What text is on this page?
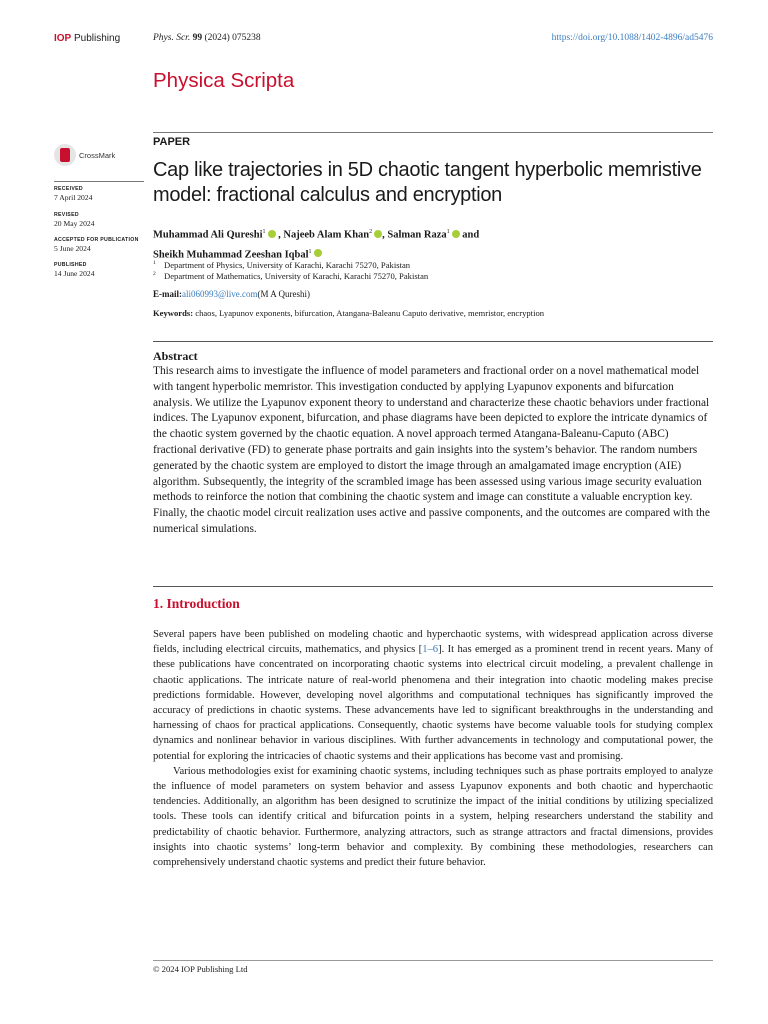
IOP Publishing	Phys. Scr. 99 (2024) 075238	https://doi.org/10.1088/1402-4896/ad5476
Physica Scripta
PAPER
CrossMark
RECEIVED
7 April 2024
REVISED
20 May 2024
ACCEPTED FOR PUBLICATION
5 June 2024
PUBLISHED
14 June 2024
Cap like trajectories in 5D chaotic tangent hyperbolic memristive model: fractional calculus and encryption
Muhammad Ali Qureshi$^1$ , Najeeb Alam Khan$^2$ , Salman Raza$^1$ and
Sheikh Muhammad Zeeshan Iqbal$^1$
$^1$ Department of Physics, University of Karachi, Karachi 75270, Pakistan
$^2$ Department of Mathematics, University of Karachi, Karachi 75270, Pakistan
E-mail:ali060993@live.com(M A Qureshi)
Keywords: chaos, Lyapunov exponents, bifurcation, Atangana-Baleanu Caputo derivative, memristor, encryption
Abstract
This research aims to investigate the influence of model parameters and fractional order on a novel mathematical model with tangent hyperbolic memristor. This investigation conducted by applying Lyapunov exponents and bifurcation analysis. We utilize the Lyapunov exponent theory to understand and characterize these chaotic behaviors under fractional indices. The Lyapunov exponent, bifurcation, and phase diagrams have been depicted to explore the intricate dynamics of the chaotic system governed by the chaotic equation. A novel approach termed Atangana-Baleanu-Caputo (ABC) fractional derivative (FD) to generate phase portraits and gain insights into the system’s behavior. The random numbers generated by the chaotic system are employed to distort the image through an amalgamated image encryption (AIE) algorithm. Subsequently, the integrity of the scrambled image has been assessed using various image security evaluation methods to reinforce the notion that combining the chaotic system and image can constitute a valuable encryption key. Finally, the chaotic model circuit realization uses active and passive components, and the outcomes are compared with the numerical simulations.
1. Introduction

Several papers have been published on modeling chaotic and hyperchaotic systems, with widespread application across diverse fields, including electrical circuits, mathematics, and physics [1–6]. It has emerged as a prominent trend in recent years. Many of these publications have concentrated on incorporating chaotic systems into electrical circuit modeling, a prevalent challenge in chaotic applications. The intricate nature of real-world phenomena and their integration into chaotic modeling makes precise predictions formidable. However, developing novel algorithms and computational techniques has significantly improved the accuracy of predictions in chaotic systems. These advancements have led to significant breakthroughs in the understanding and harnessing of chaos for practical applications. Consequently, chaotic systems have become valuable tools for studying complex dynamics and nonlinear behavior in various disciplines. With further advancements in technology and computational power, the potential for exploring the intricacies of chaotic systems and their applications has become vast and promising.

Various methodologies exist for examining chaotic systems, including techniques such as phase portraits employed to analyze the influence of model parameters on system behavior and assess Lyapunov exponents and both chaotic and hyperchaotic tendencies. Additionally, an algorithm has been designed to scrutinize the impact of the initial conditions by utilizing specialized tools. These tools can identify critical and bifurcation points in a system, helping researchers understand the stability and predictability of chaotic behavior. Furthermore, analyzing attractors, such as strange attractors and fractal dimensions, provides insights into chaotic systems’ long-term behavior and complexity. By combining these methodologies, researchers can comprehensively understand chaotic systems and predict their future behavior.

© 2024 IOP Publishing Ltd
